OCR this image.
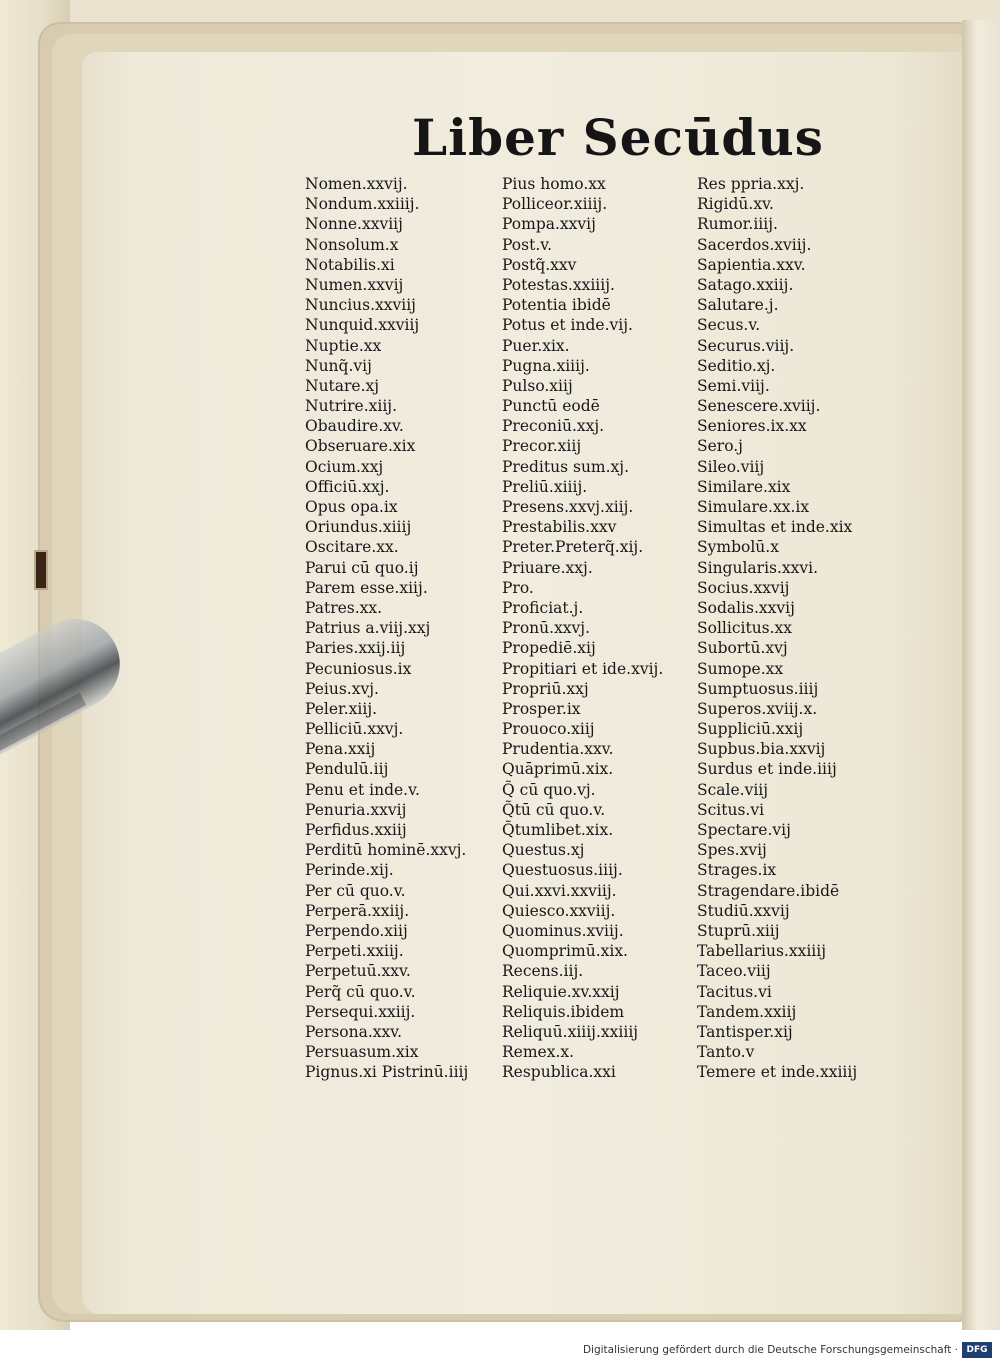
Liber Secūdus
Nomen.xxvij.
Nondum.xxiiij.
Nonne.xxviij
Nonsolum.x
Notabilis.xi
Numen.xxvij
Nuncius.xxviij
Nunquid.xxviij
Nuptie.xx
Nunq̃.vij
Nutare.xj
Nutrire.xiij.
Obaudire.xv.
Obseruare.xix
Ocium.xxj
Officiū.xxj.
Opus opa.ix
Oriundus.xiiij
Oscitare.xx.
Parui cū quo.ij
Parem esse.xiij.
Patres.xx.
Patrius a.viij.xxj
Paries.xxij.iij
Pecuniosus.ix
Peius.xvj.
Peler.xiij.
Pelliciū.xxvj.
Pena.xxij
Pendulū.iij
Penu et inde.v.
Penuria.xxvij
Perfidus.xxiij
Perditū hominē.xxvj.
Perinde.xij.
Per cū quo.v.
Perperā.xxiij.
Perpendo.xiij
Perpeti.xxiij.
Perpetuū.xxv.
Perq̃ cū quo.v.
Persequi.xxiij.
Persona.xxv.
Persuasum.xix
Pignus.xi Pistrinū.iiij
Pius homo.xx
Polliceor.xiiij.
Pompa.xxvij
Post.v.
Postq̃.xxv
Potestas.xxiiij.
Potentia ibidē
Potus et inde.vij.
Puer.xix.
Pugna.xiiij.
Pulso.xiij
Punctū eodē
Preconiū.xxj.
Precor.xiij
Preditus sum.xj.
Preliū.xiiij.
Presens.xxvj.xiij.
Prestabilis.xxv
Preter.Preterq̃.xij.
Priuare.xxj.
Pro.
Proficiat.j.
Pronū.xxvj.
Propediē.xij
Propitiari et ide.xvij.
Propriū.xxj
Prosper.ix
Prouoco.xiij
Prudentia.xxv.
Quāprimū.xix.
Q̃ cū quo.vj.
Q̃tū cū quo.v.
Q̃tumlibet.xix.
Questus.xj
Questuosus.iiij.
Qui.xxvi.xxviij.
Quiesco.xxviij.
Quominus.xviij.
Quomprimū.xix.
Recens.iij.
Reliquie.xv.xxij
Reliquis.ibidem
Reliquū.xiiij.xxiiij
Remex.x.
Respublica.xxi
Res ppria.xxj.
Rigidū.xv.
Rumor.iiij.
Sacerdos.xviij.
Sapientia.xxv.
Satago.xxiij.
Salutare.j.
Secus.v.
Securus.viij.
Seditio.xj.
Semi.viij.
Senescere.xviij.
Seniores.ix.xx
Sero.j
Sileo.viij
Similare.xix
Simulare.xx.ix
Simultas et inde.xix
Symbolū.x
Singularis.xxvi.
Socius.xxvij
Sodalis.xxvij
Sollicitus.xx
Subortū.xvj
Sumope.xx
Sumptuosus.iiij
Superos.xviij.x.
Suppliciū.xxij
Supbus.bia.xxvij
Surdus et inde.iiij
Scale.viij
Scitus.vi
Spectare.vij
Spes.xvij
Strages.ix
Stragendare.ibidē
Studiū.xxvij
Stuprū.xiij
Tabellarius.xxiiij
Taceo.viij
Tacitus.vi
Tandem.xxiij
Tantisper.xij
Tanto.v
Temere et inde.xxiiij
Digitalisierung gefördert durch die Deutsche Forschungsgemeinschaft · DFG
